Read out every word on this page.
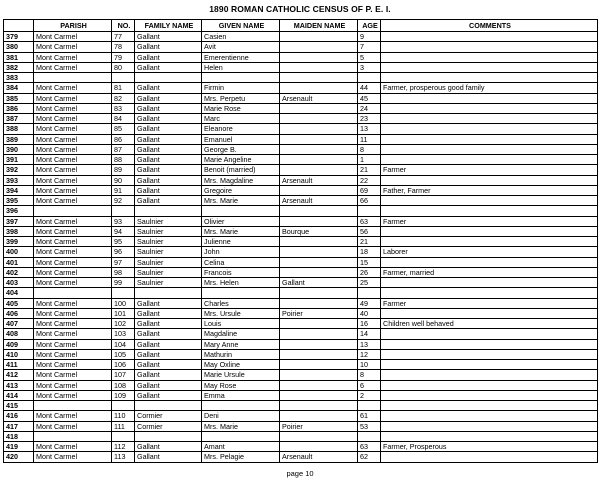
1890 ROMAN CATHOLIC CENSUS OF P. E. I.
	PARISH	NO.	FAMILY NAME	GIVEN NAME	MAIDEN NAME	AGE	COMMENTS
379	Mont Carmel	77	Gallant	Casien		9	
380	Mont Carmel	78	Gallant	Avit		7	
381	Mont Carmel	79	Gallant	Emerentienne		5	
382	Mont Carmel	80	Gallant	Helen		3	
383							
384	Mont Carmel	81	Gallant	Firmin		44	Farmer, prosperous good family
385	Mont Carmel	82	Gallant	Mrs. Perpetu	Arsenault	45	
386	Mont Carmel	83	Gallant	Marie Rose		24	
387	Mont Carmel	84	Gallant	Marc		23	
388	Mont Carmel	85	Gallant	Eleanore		13	
389	Mont Carmel	86	Gallant	Emanuel		11	
390	Mont Carmel	87	Gallant	George B.		8	
391	Mont Carmel	88	Gallant	Marie Angeline		1	
392	Mont Carmel	89	Gallant	Benoit (married)		21	Farmer
393	Mont Carmel	90	Gallant	Mrs. Magdaline	Arsenault	22	
394	Mont Carmel	91	Gallant	Gregoire		69	Father, Farmer
395	Mont Carmel	92	Gallant	Mrs. Marie	Arsenault	66	
396							
397	Mont Carmel	93	Saulnier	Olivier		63	Farmer
398	Mont Carmel	94	Saulnier	Mrs. Marie	Bourque	56	
399	Mont Carmel	95	Saulnier	Julienne		21	
400	Mont Carmel	96	Saulnier	John		18	Laborer
401	Mont Carmel	97	Saulnier	Celina		15	
402	Mont Carmel	98	Saulnier	Francois		26	Farmer, married
403	Mont Carmel	99	Saulnier	Mrs. Helen	Gallant	25	
404							
405	Mont Carmel	100	Gallant	Charles		49	Farmer
406	Mont Carmel	101	Gallant	Mrs. Ursule	Poirier	40	
407	Mont Carmel	102	Gallant	Louis		16	Children well behaved
408	Mont Carmel	103	Gallant	Magdaline		14	
409	Mont Carmel	104	Gallant	Mary Anne		13	
410	Mont Carmel	105	Gallant	Mathurin		12	
411	Mont Carmel	106	Gallant	May Oxline		10	
412	Mont Carmel	107	Gallant	Marie Ursule		8	
413	Mont Carmel	108	Gallant	May Rose		6	
414	Mont Carmel	109	Gallant	Emma		2	
415							
416	Mont Carmel	110	Cormier	Deni		61	
417	Mont Carmel	111	Cormier	Mrs. Marie	Poirier	53	
418							
419	Mont Carmel	112	Gallant	Amant		63	Farmer, Prosperous
420	Mont Carmel	113	Gallant	Mrs. Pelagie	Arsenault	62	
page 10
